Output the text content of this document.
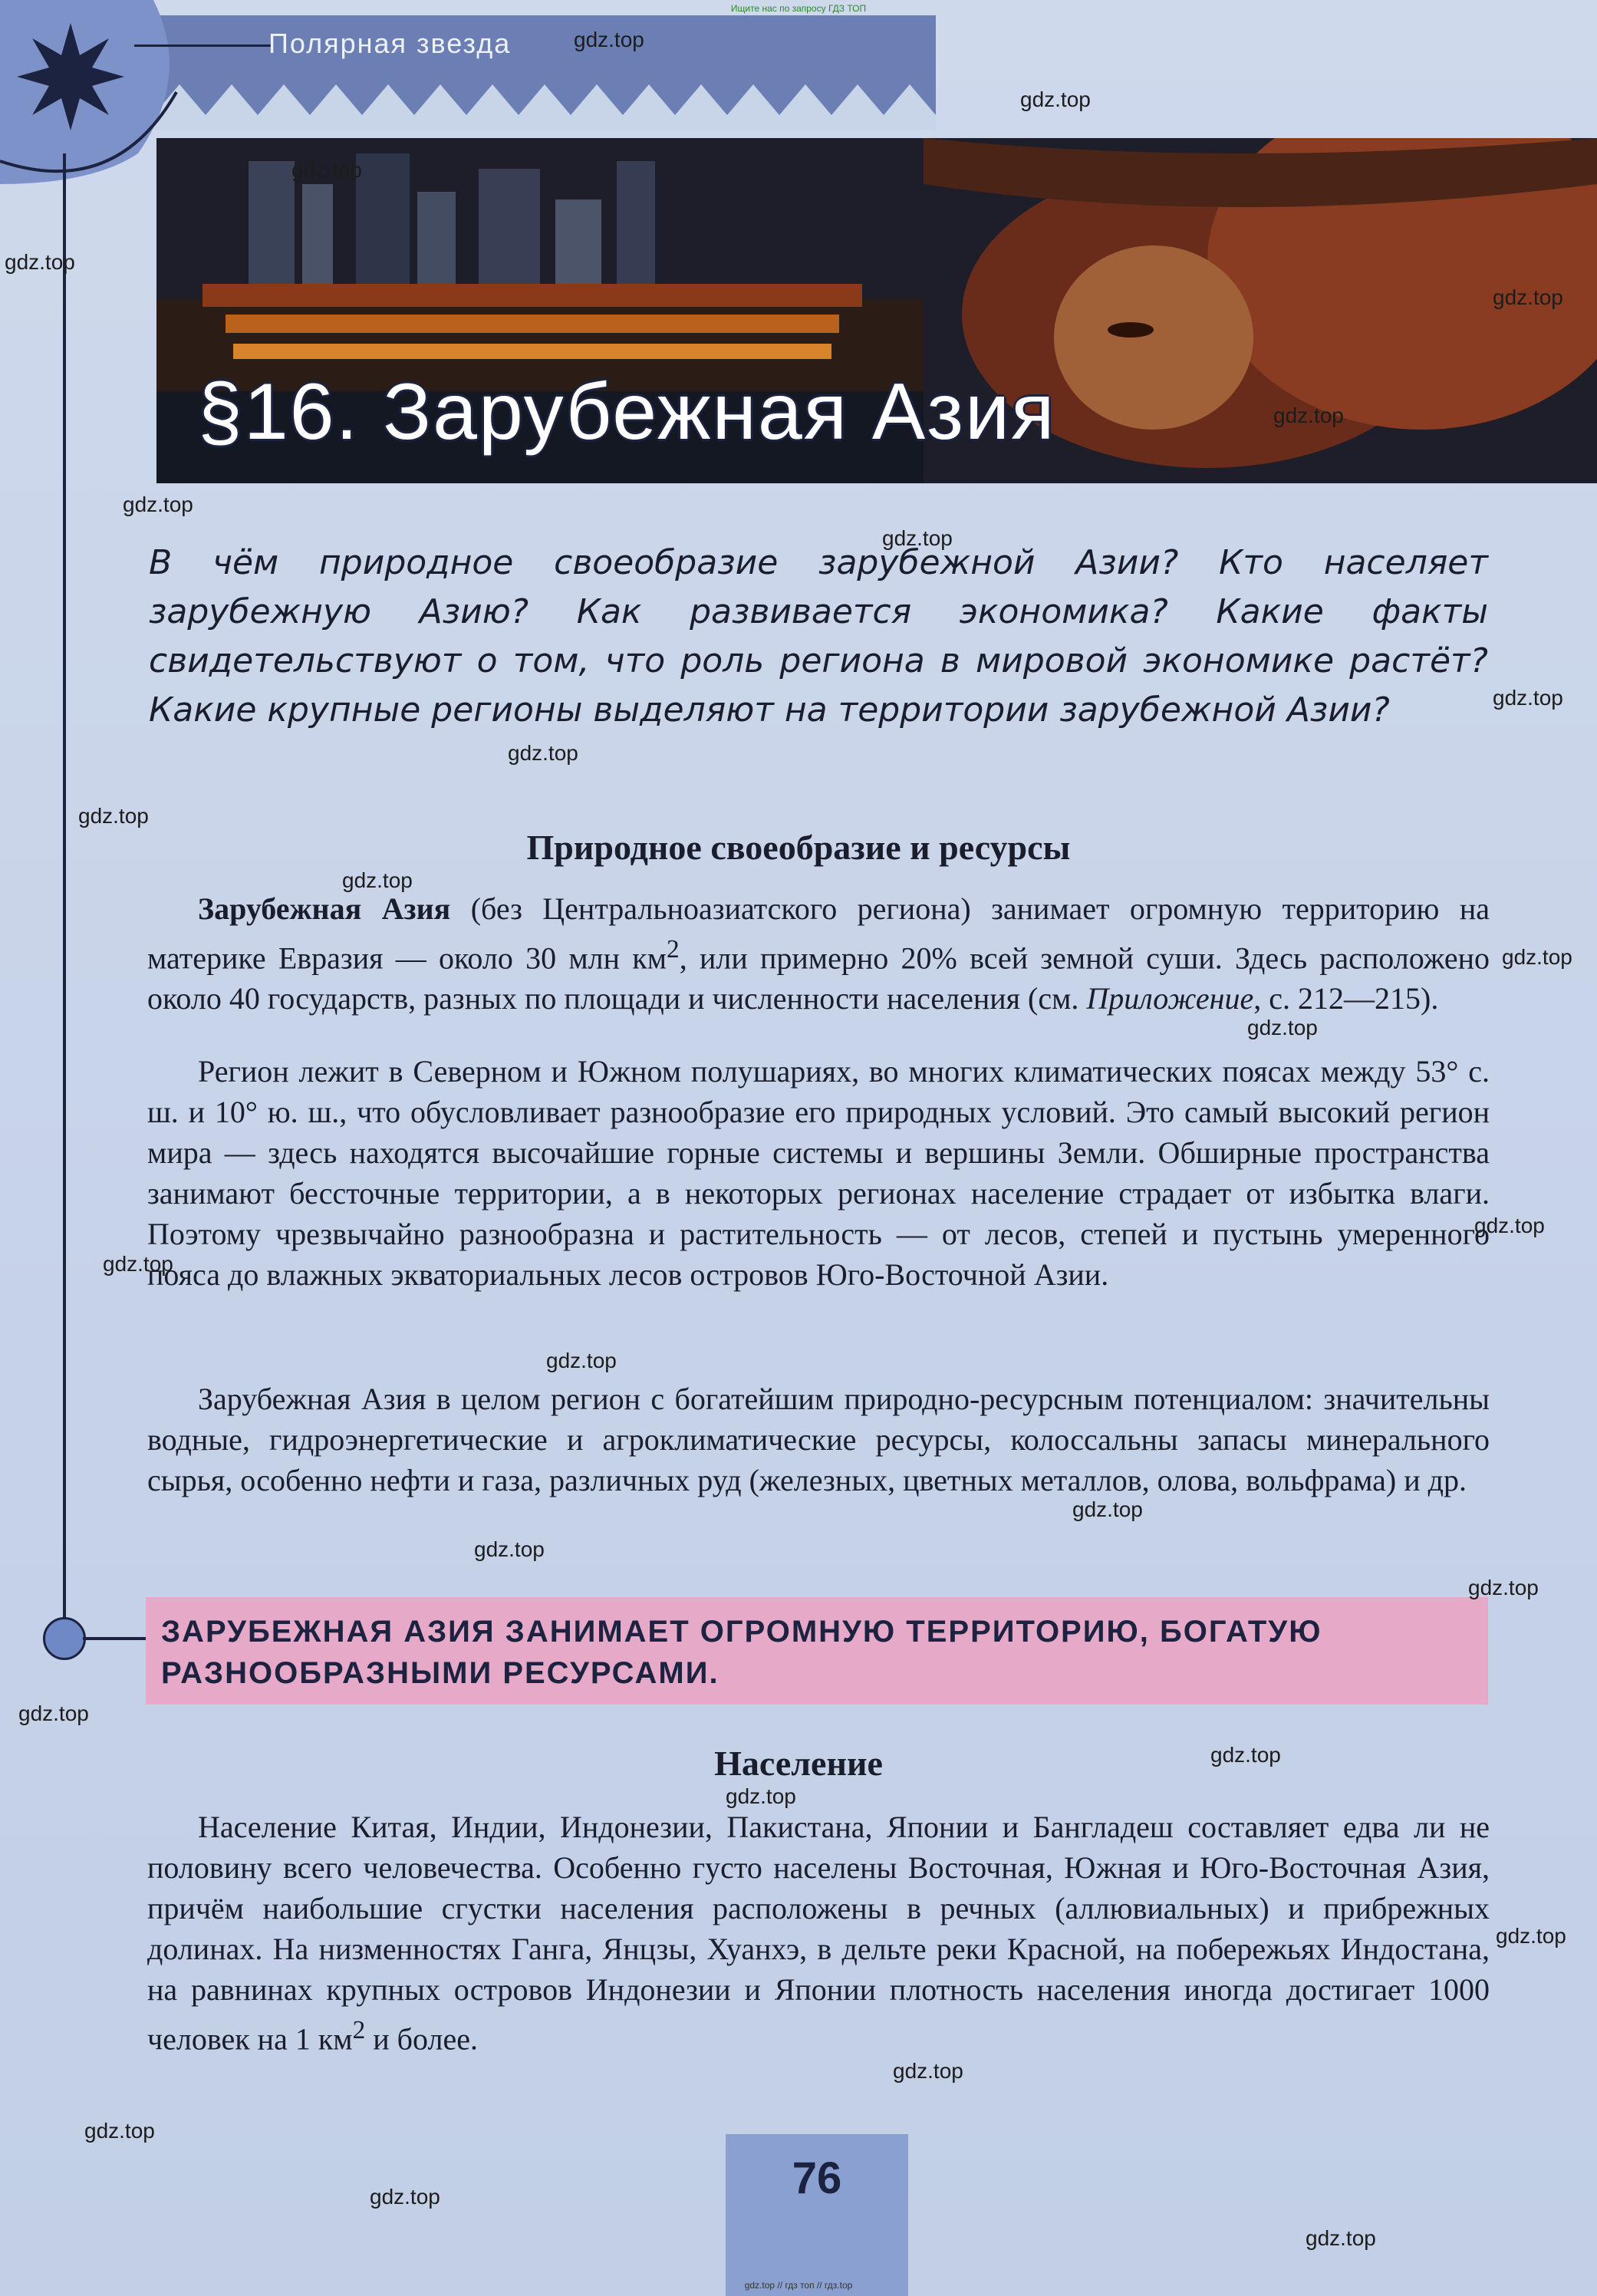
Ищите нас по запросу ГДЗ ТОП
Полярная звезда
§16. Зарубежная Азия
В чём природное своеобразие зарубежной Азии? Кто населяет зарубежную Азию? Как развивается экономика? Какие факты свидетельствуют о том, что роль региона в мировой экономике растёт? Какие крупные регионы выделяют на территории зарубежной Азии?
Природное своеобразие и ресурсы

Зарубежная Азия (без Центральноазиатского региона) занимает огромную территорию на материке Евразия — около 30 млн $км^2$, или примерно 20% всей земной суши. Здесь расположено около 40 государств, разных по площади и численности населения (см. Приложение, с. 212—215).

Регион лежит в Северном и Южном полушариях, во многих климатических поясах между 53° с. ш. и 10° ю. ш., что обусловливает разнообразие его природных условий. Это самый высокий регион мира — здесь находятся высочайшие горные системы и вершины Земли. Обширные пространства занимают бессточные территории, а в некоторых регионах население страдает от избытка влаги. Поэтому чрезвычайно разнообразна и растительность — от лесов, степей и пустынь умеренного пояса до влажных экваториальных лесов островов Юго-Восточной Азии.

Зарубежная Азия в целом регион с богатейшим природно-ресурсным потенциалом: значительны водные, гидроэнергетические и агроклиматические ресурсы, колоссальны запасы минерального сырья, особенно нефти и газа, различных руд (железных, цветных металлов, олова, вольфрама) и др.

ЗАРУБЕЖНАЯ АЗИЯ ЗАНИМАЕТ ОГРОМНУЮ ТЕРРИТОРИЮ, БОГАТУЮ РАЗНООБРАЗНЫМИ РЕСУРСАМИ.
Население

Население Китая, Индии, Индонезии, Пакистана, Японии и Бангладеш составляет едва ли не половину всего человечества. Особенно густо населены Восточная, Южная и Юго-Восточная Азия, причём наибольшие сгустки населения расположены в речных (аллювиальных) и прибрежных долинах. На низменностях Ганга, Янцзы, Хуанхэ, в дельте реки Красной, на побережьях Индостана, на равнинах крупных островов Индонезии и Японии плотность населения иногда достигает 1000 человек на 1 $км^2$ и более.

76
gdz.top // гдз топ // гдз.top
gdz.top
gdz.top
gdz.top
gdz.top
gdz.top
gdz.top
gdz.top
gdz.top
gdz.top
gdz.top
gdz.top
gdz.top
gdz.top
gdz.top
gdz.top
gdz.top
gdz.top
gdz.top
gdz.top
gdz.top
gdz.top
gdz.top
gdz.top
gdz.top
gdz.top
gdz.top
gdz.top
gdz.top
